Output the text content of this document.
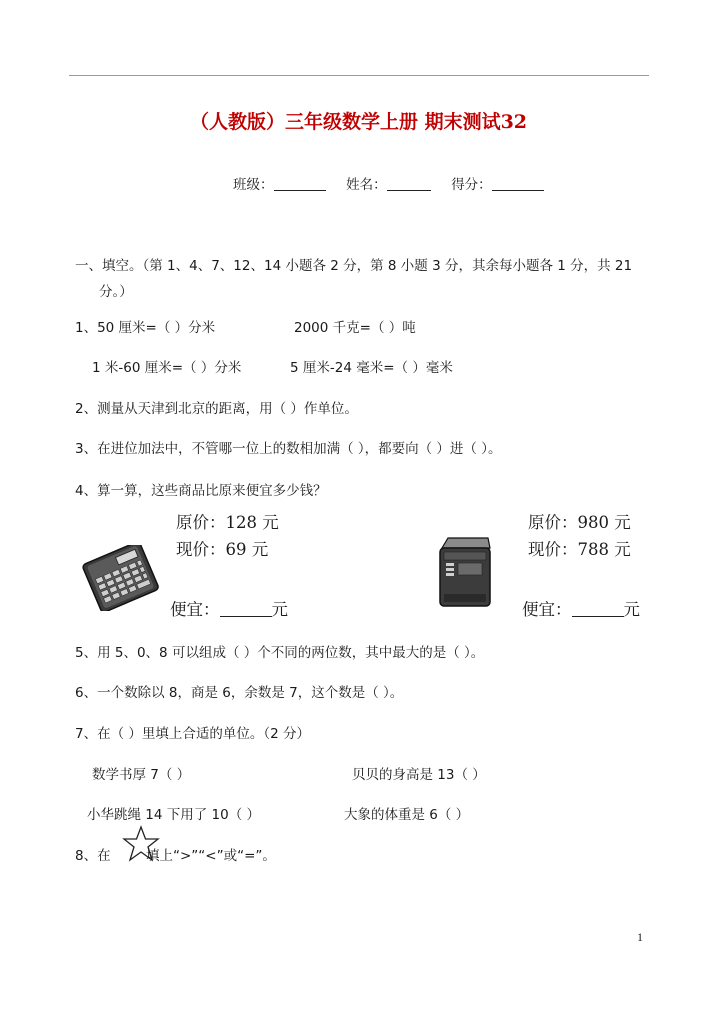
（人教版）三年级数学上册 期末测试32
班级：	姓名：	得分：
一、填空。（第 1、4、7、12、14 小题各 2 分，第 8 小题 3 分，其余每小题各 1 分，共 21
分。）
1、50 厘米=（ ）分米	2000 千克=（ ）吨
1 米-60 厘米=（ ）分米	5 厘米-24 毫米=（ ）毫米
2、测量从天津到北京的距离，用（ ）作单位。
3、在进位加法中，不管哪一位上的数相加满（ ），都要向（ ）进（ ）。
4、算一算，这些商品比原来便宜多少钱？
原价：128 元
现价：69 元
便宜：	元
原价：980 元
现价：788 元
便宜：	元
5、用 5、0、8 可以组成（ ）个不同的两位数，其中最大的是（ ）。
6、一个数除以 8，商是 6，余数是 7，这个数是（ ）。
7、在（ ）里填上合适的单位。（2 分）
数学书厚 7（ ）	贝贝的身高是 13（ ）
小华跳绳 14 下用了 10（ ）	大象的体重是 6（ ）
8、在	填上“>”“<”或“=”。
1
